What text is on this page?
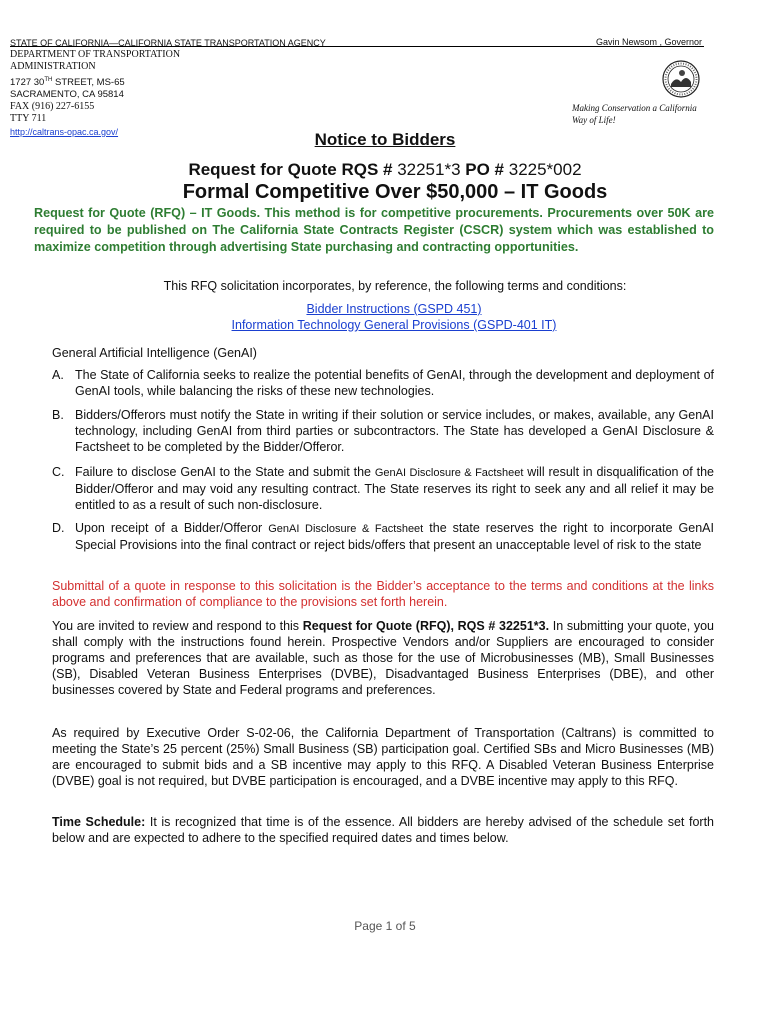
STATE OF CALIFORNIA—CALIFORNIA STATE TRANSPORTATION AGENCY
DEPARTMENT OF TRANSPORTATION
ADMINISTRATION
1727 30TH STREET, MS-65
SACRAMENTO, CA 95814
FAX (916) 227-6155
TTY 711
http://caltrans-opac.ca.gov/
Gavin Newsom , Governor
Making Conservation a California
Way of Life!
Notice to Bidders
Request for Quote RQS # 32251*3 PO # 3225*002
Formal Competitive Over $50,000 – IT Goods
Request for Quote (RFQ) – IT Goods. This method is for competitive procurements. Procurements over 50K are required to be published on The California State Contracts Register (CSCR) system which was established to maximize competition through advertising State purchasing and contracting opportunities.
This RFQ solicitation incorporates, by reference, the following terms and conditions:
Bidder Instructions (GSPD 451)
Information Technology General Provisions (GSPD-401 IT)
General Artificial Intelligence (GenAI)
A. The State of California seeks to realize the potential benefits of GenAI, through the development and deployment of GenAI tools, while balancing the risks of these new technologies.
B. Bidders/Offerors must notify the State in writing if their solution or service includes, or makes, available, any GenAI technology, including GenAI from third parties or subcontractors. The State has developed a GenAI Disclosure & Factsheet to be completed by the Bidder/Offeror.
C. Failure to disclose GenAI to the State and submit the GenAI Disclosure & Factsheet will result in disqualification of the Bidder/Offeror and may void any resulting contract. The State reserves its right to seek any and all relief it may be entitled to as a result of such non-disclosure.
D. Upon receipt of a Bidder/Offeror GenAI Disclosure & Factsheet the state reserves the right to incorporate GenAI Special Provisions into the final contract or reject bids/offers that present an unacceptable level of risk to the state
Submittal of a quote in response to this solicitation is the Bidder’s acceptance to the terms and conditions at the links above and confirmation of compliance to the provisions set forth herein.
You are invited to review and respond to this Request for Quote (RFQ), RQS # 32251*3. In submitting your quote, you shall comply with the instructions found herein. Prospective Vendors and/or Suppliers are encouraged to consider programs and preferences that are available, such as those for the use of Microbusinesses (MB), Small Businesses (SB), Disabled Veteran Business Enterprises (DVBE), Disadvantaged Business Enterprises (DBE), and other businesses covered by State and Federal programs and preferences.
As required by Executive Order S-02-06, the California Department of Transportation (Caltrans) is committed to meeting the State’s 25 percent (25%) Small Business (SB) participation goal. Certified SBs and Micro Businesses (MB) are encouraged to submit bids and a SB incentive may apply to this RFQ. A Disabled Veteran Business Enterprise (DVBE) goal is not required, but DVBE participation is encouraged, and a DVBE incentive may apply to this RFQ.
Time Schedule: It is recognized that time is of the essence. All bidders are hereby advised of the schedule set forth below and are expected to adhere to the specified required dates and times below.
Page 1 of 5
